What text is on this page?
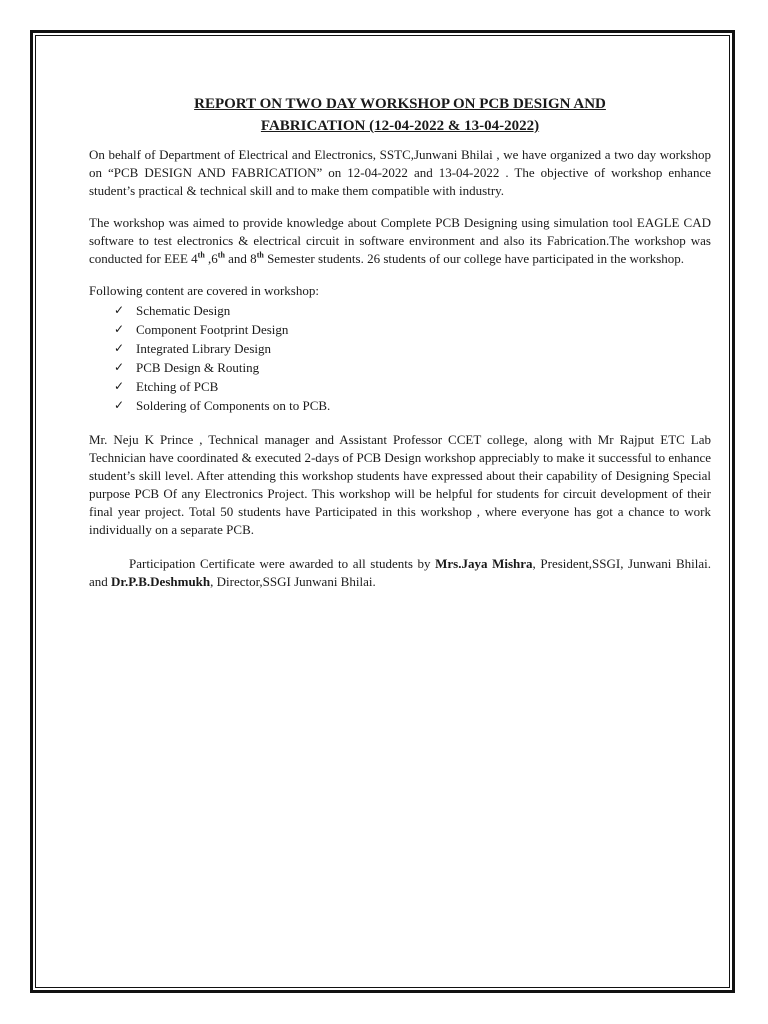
REPORT ON TWO DAY WORKSHOP ON PCB DESIGN AND
FABRICATION (12-04-2022 & 13-04-2022)

On behalf of Department of Electrical and Electronics, SSTC,Junwani Bhilai , we have organized a two day workshop on “PCB DESIGN AND FABRICATION” on 12-04-2022 and 13-04-2022 . The objective of workshop enhance student’s practical & technical skill and to make them compatible with industry.

The workshop was aimed to provide knowledge about Complete PCB Designing using simulation tool EAGLE CAD software to test electronics & electrical circuit in software environment and also its Fabrication.The workshop was conducted for EEE 4th ,6th and 8th Semester students. 26 students of our college have participated in the workshop.

Following content are covered in workshop:

✓ Schematic Design
✓ Component Footprint Design
✓ Integrated Library Design
✓ PCB Design & Routing
✓ Etching of PCB
✓ Soldering of Components on to PCB.

Mr. Neju K Prince , Technical manager and Assistant Professor CCET college, along with Mr Rajput ETC Lab Technician have coordinated & executed 2-days of PCB Design workshop appreciably to make it successful to enhance student’s skill level. After attending this workshop students have expressed about their capability of Designing Special purpose PCB Of any Electronics Project. This workshop will be helpful for students for circuit development of their final year project. Total 50 students have Participated in this workshop , where everyone has got a chance to work individually on a separate PCB.

Participation Certificate were awarded to all students by Mrs.Jaya Mishra, President,SSGI, Junwani Bhilai. and Dr.P.B.Deshmukh, Director,SSGI Junwani Bhilai.
